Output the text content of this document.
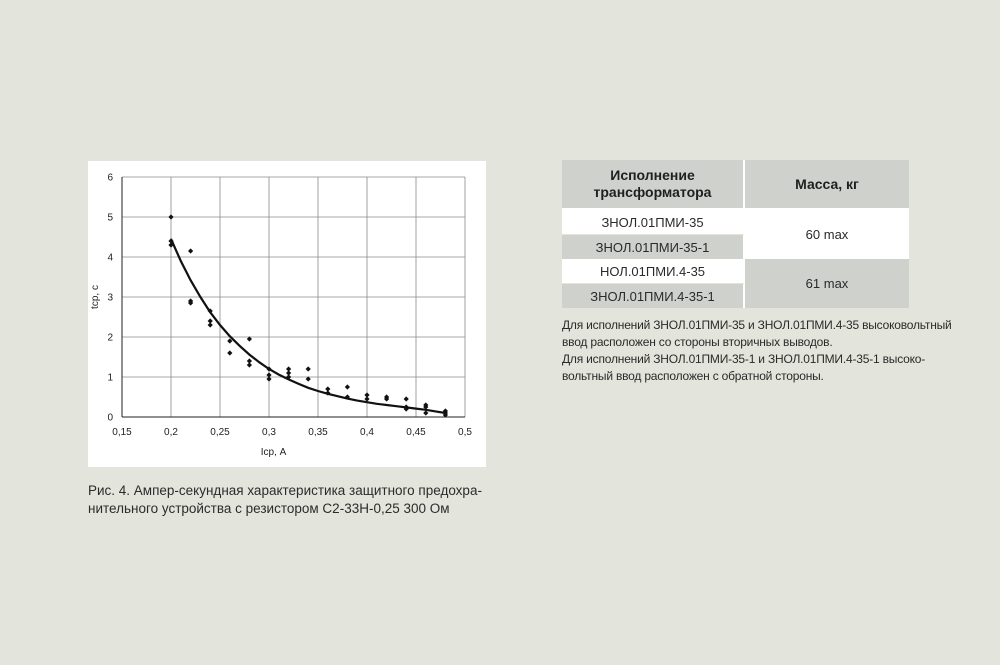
0,15	0,2	0,25	0,3	0,35	0,4	0,45	0,5
0
1
2
3
4
5
6
Iср, А
tср, с
Рис. 4. Ампер-секундная характеристика защитного предохра-
нительного устройства с резистором С2-33Н-0,25 300 Ом
Исполнение
трансформатора	Масса, кг
ЗНОЛ.01ПМИ-35	60 max
ЗНОЛ.01ПМИ-35-1	
НОЛ.01ПМИ.4-35	61 max
ЗНОЛ.01ПМИ.4-35-1	
Для исполнений ЗНОЛ.01ПМИ-35 и ЗНОЛ.01ПМИ.4-35 высоковольтный
ввод расположен со стороны вторичных выводов.
Для исполнений ЗНОЛ.01ПМИ-35-1 и ЗНОЛ.01ПМИ.4-35-1 высоко-
вольтный ввод расположен с обратной стороны.
